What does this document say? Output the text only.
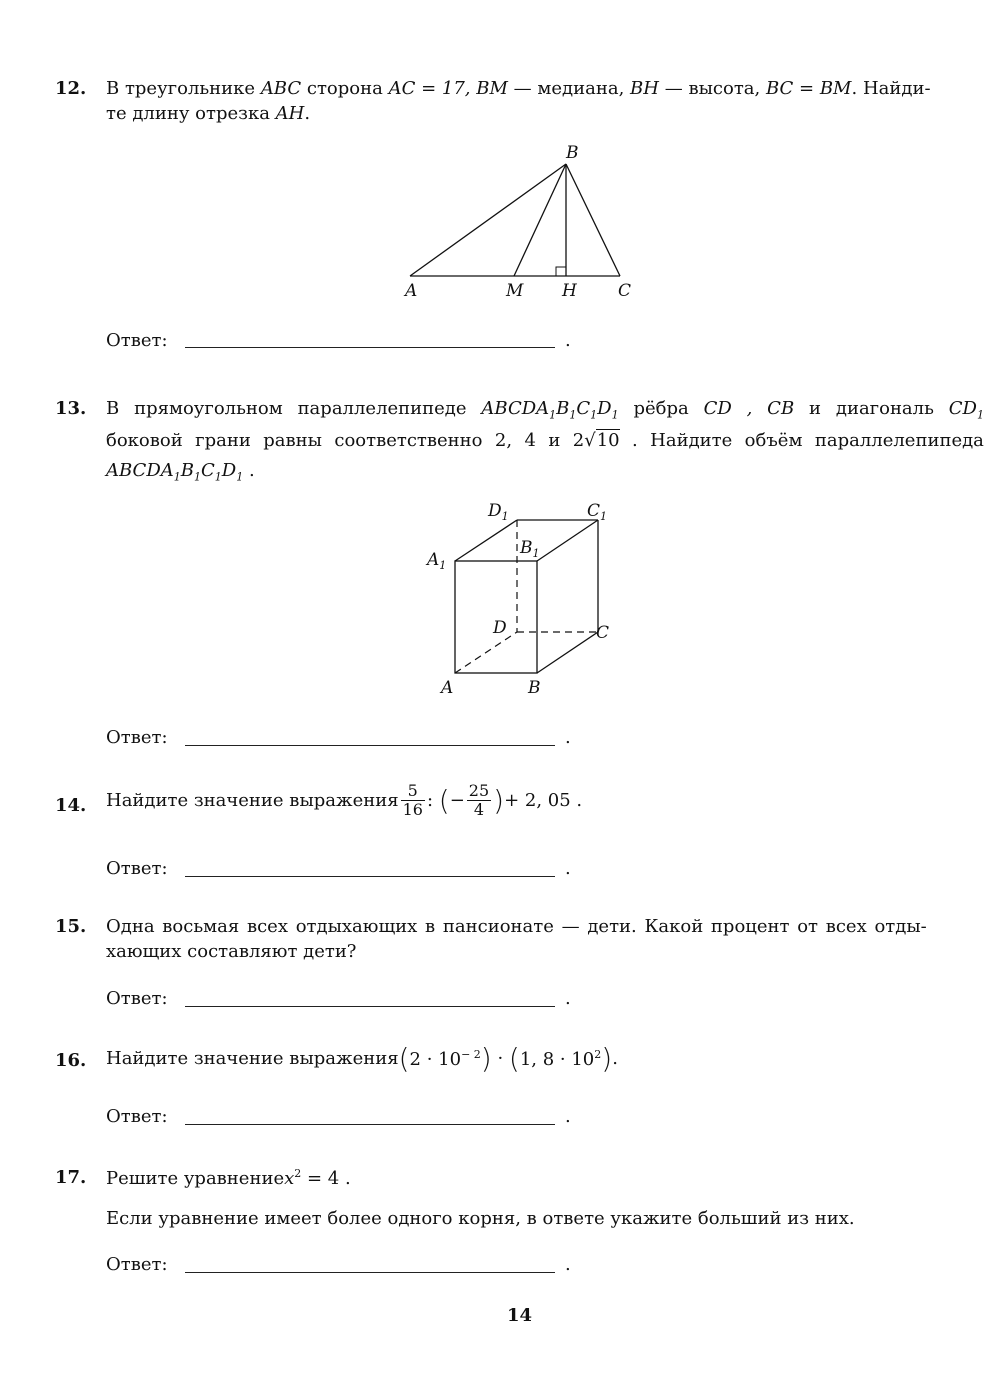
12. В треугольнике ABC сторона AC = 17, BM — медиана, BH — высота, BC = BM. Найди-
те длину отрезка AH.
B
A	M H C
Ответ:	.
13. В прямоугольном параллелепипеде $ABCDA_1B_1C_1D_1$ рёбра CD , CB и диагональ $CD_1$
боковой грани равны соответственно 2, 4 и 2√10 . Найдите объём параллелепипеда
$ABCDA_1B_1C_1D_1$ .
$D_1$	$C_1$
$B_1$
$A_1$
D	C
A	B
Ответ:	.
14. Найдите значение выражения $\frac{5}{16}$ : (− $\frac{25}{4}$ )+ 2, 05 .
Ответ:	.
15. Одна восьмая всех отдыхающих в пансионате — дети. Какой процент от всех отды-
хающих составляют дети?
Ответ:	.
16. Найдите значение выражения(2 · $10^{- 2}) \cdot (1$, $8 \cdot 10^2$).
Ответ:	.
17. Решите уравнениеx$^2$ = 4 .
Если уравнение имеет более одного корня, в ответе укажите больший из них.
Ответ:	.
14
